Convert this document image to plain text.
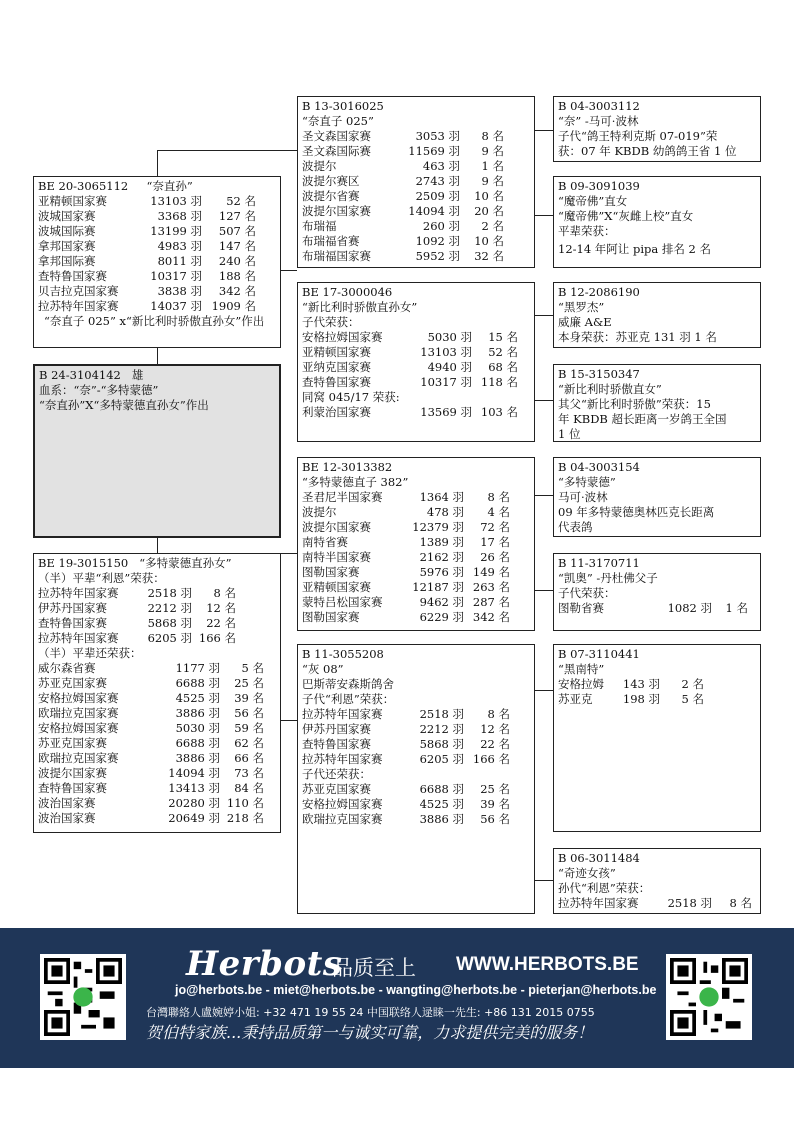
BE 20-3065112 “奈直孙”
亚精顿国家赛	13103 羽	52 名
波城国家赛	3368 羽	127 名
波城国际赛	13199 羽	507 名
拿邦国家赛	4983 羽	147 名
拿邦国际赛	8011 羽	240 名
查特鲁国家赛	10317 羽	188 名
贝吉拉克国家赛	3838 羽	342 名
拉苏特年国家赛	14037 羽 1909 名
“奈直子 025” x“新比利时骄傲直孙女”作出
B 24-3104142 雄
血系：“奈”-“多特蒙德”
“奈直孙”X“多特蒙德直孙女”作出
BE 19-3015150 “多特蒙德直孙女”
（半）平辈“利恩”荣获：
拉苏特年国家赛	2518 羽	8 名
伊苏丹国家赛	2212 羽	12 名
查特鲁国家赛	5868 羽	22 名
拉苏特年国家赛	6205 羽 166 名
（半）平辈还荣获：
威尔森省赛	1177 羽	5 名
苏亚克国家赛	6688 羽	25 名
安格拉姆国家赛	4525 羽	39 名
欧瑞拉克国家赛	3886 羽	56 名
安格拉姆国家赛	5030 羽	59 名
苏亚克国家赛	6688 羽	62 名
欧瑞拉克国家赛	3886 羽	66 名
波提尔国家赛	14094 羽	73 名
查特鲁国家赛	13413 羽	84 名
波治国家赛	20280 羽 110 名
波治国家赛	20649 羽 218 名
B 13-3016025
“奈直子 025”
圣文森国家赛	3053 羽	8 名
圣文森国际赛	11569 羽	9 名
波提尔	463 羽	1 名
波提尔赛区	2743 羽	9 名
波提尔省赛	2509 羽	10 名
波提尔国家赛	14094 羽	20 名
布瑞福	260 羽	2 名
布瑞福省赛	1092 羽	10 名
布瑞福国家赛	5952 羽	32 名
BE 17-3000046
“新比利时骄傲直孙女”
子代荣获：
安格拉姆国家赛	5030 羽	15 名
亚精顿国家赛	13103 羽	52 名
亚纳克国家赛	4940 羽	68 名
查特鲁国家赛	10317 羽 118 名
同窝 045/17 荣获:
利蒙治国家赛	13569 羽 103 名
BE 12-3013382
“多特蒙德直子 382”
圣君尼半国家赛	1364 羽	8 名
波提尔	478 羽	4 名
波提尔国家赛	12379 羽	72 名
南特省赛	1389 羽	17 名
南特半国家赛	2162 羽	26 名
图勒国家赛	5976 羽 149 名
亚精顿国家赛	12187 羽 263 名
蒙特吕松国家赛	9462 羽 287 名
图勒国家赛	6229 羽 342 名
B 11-3055208
“灰 08”
巴斯蒂安森斯鸽舍
子代“利恩”荣获：
拉苏特年国家赛	2518 羽	8 名
伊苏丹国家赛	2212 羽	12 名
查特鲁国家赛	5868 羽	22 名
拉苏特年国家赛	6205 羽 166 名
子代还荣获：
苏亚克国家赛	6688 羽	25 名
安格拉姆国家赛	4525 羽	39 名
欧瑞拉克国家赛	3886 羽	56 名
B 04-3003112
“奈” -马可·波林
子代“鸽王特利克斯 07-019”荣
获：07 年 KBDB 幼鸽鸽王省 1 位
B 09-3091039
“魔帝佛”直女
“魔帝佛”X“灰雌上校”直女
平辈荣获：
12-14 年阿让 pipa 排名 2 名
B 12-2086190
“黑罗杰”
威廉 A&E
本身荣获：苏亚克 131 羽 1 名
B 15-3150347
“新比利时骄傲直女”
其父“新比利时骄傲”荣获：15
年 KBDB 超长距离一岁鸽王全国
1 位
B 04-3003154
“多特蒙德”
马可·波林
09 年多特蒙德奥林匹克长距离
代表鸽
B 11-3170711
“凯奥” -丹杜佛父子
子代荣获：
图勒省赛	1082 羽	1 名
B 07-3110441
“黑南特”
安格拉姆	143 羽	2 名
苏亚克	198 羽	5 名
B 06-3011484
“奇迹女孩”
孙代“利恩”荣获：
拉苏特年国家赛	2518 羽	8 名
Herbots
品质至上 WWW.HERBOTS.BE
jo@herbots.be - miet@herbots.be - wangting@herbots.be - pieterjan@herbots.be
台灣聯絡人盧婉婷小姐: +32 471 19 55 24 中国联络人逯睐一先生: +86 131 2015 0755
贺伯特家族...秉持品质第一与诚实可靠，力求提供完美的服务！
